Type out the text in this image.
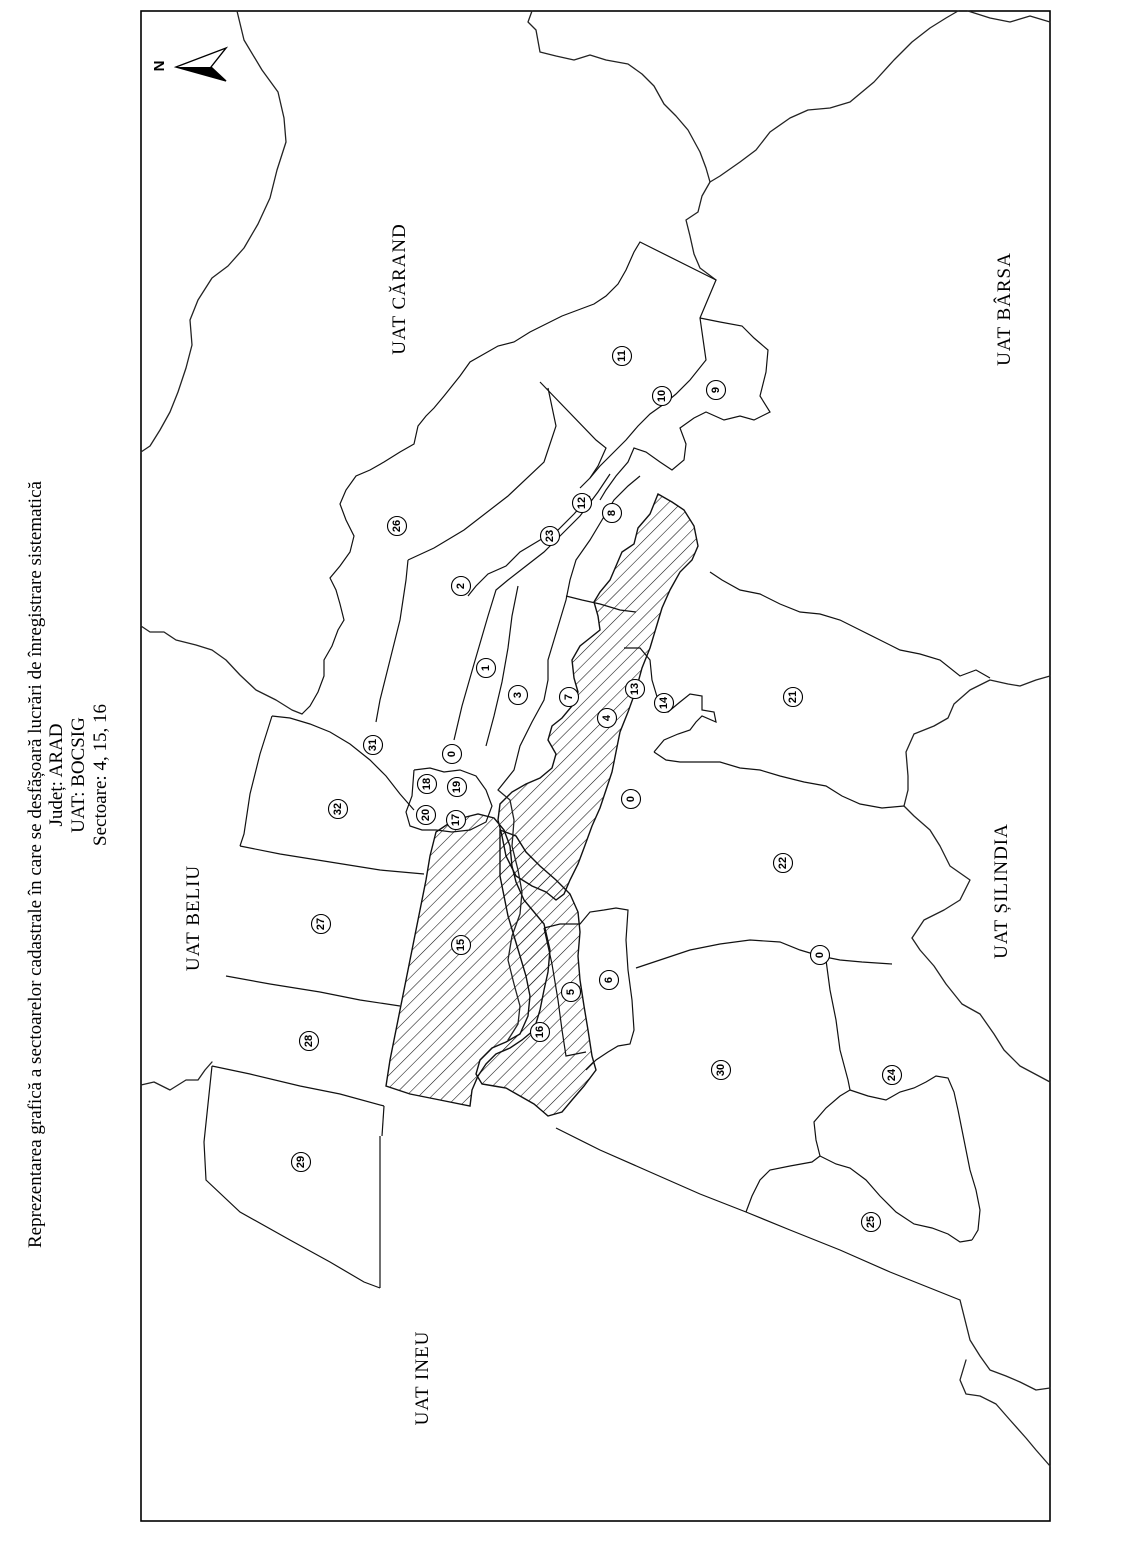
Reprezentarea grafică a sectoarelor cadastrale în care se desfășoară lucrări de înregistrare sistematică Județ: ARAD UAT: BOCSIG Sectoare: 4, 15, 16
N
UAT CĂRAND	UAT BÂRSA
UAT BELIU	UAT ȘILINDIA
UAT INEU
0
0
0
1
2
3
4
5
6
7
8
9
10
11
12
13
14
15
16
17
18 19
20
21
22
23
24
25
26
27
28
29
30
31
32
